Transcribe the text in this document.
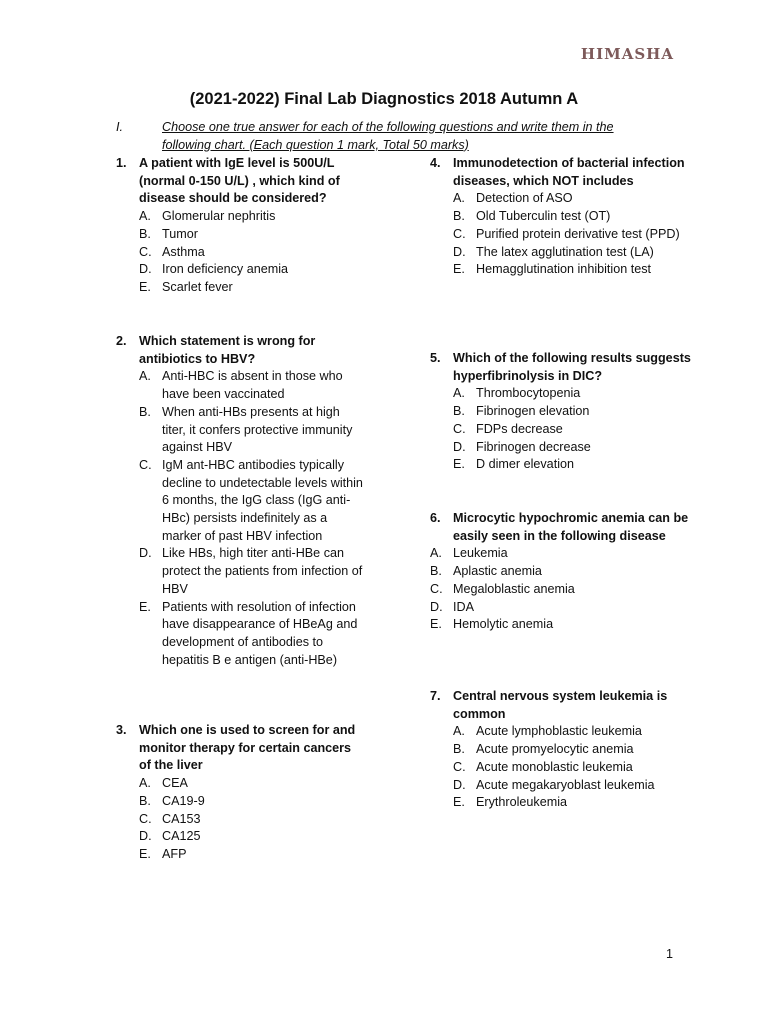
HIMASHA
(2021-2022) Final Lab Diagnostics 2018 Autumn A
I.	Choose one true answer for each of the following questions and write them in the following chart. (Each question 1 mark, Total 50 marks)
1. A patient with IgE level is 500U/L (normal 0-150 U/L) , which kind of disease should be considered?
A. Glomerular nephritis
B. Tumor
C. Asthma
D. Iron deficiency anemia
E. Scarlet fever
2. Which statement is wrong for antibiotics to HBV?
A. Anti-HBC is absent in those who have been vaccinated
B. When anti-HBs presents at high titer, it confers protective immunity against HBV
C. IgM ant-HBC antibodies typically decline to undetectable levels within 6 months, the IgG class (IgG anti-HBc) persists indefinitely as a marker of past HBV infection
D. Like HBs, high titer anti-HBe can protect the patients from infection of HBV
E. Patients with resolution of infection have disappearance of HBeAg and development of antibodies to hepatitis B e antigen (anti-HBe)
3. Which one is used to screen for and monitor therapy for certain cancers of the liver
A. CEA
B. CA19-9
C. CA153
D. CA125
E. AFP
4. Immunodetection of bacterial infection diseases, which NOT includes
A. Detection of ASO
B. Old Tuberculin test (OT)
C. Purified protein derivative test (PPD)
D. The latex agglutination test (LA)
E. Hemagglutination inhibition test
5. Which of the following results suggests hyperfibrinolysis in DIC?
A. Thrombocytopenia
B. Fibrinogen elevation
C. FDPs decrease
D. Fibrinogen decrease
E. D dimer elevation
6. Microcytic hypochromic anemia can be easily seen in the following disease
A. Leukemia
B. Aplastic anemia
C. Megaloblastic anemia
D. IDA
E. Hemolytic anemia
7. Central nervous system leukemia is common
A. Acute lymphoblastic leukemia
B. Acute promyelocytic anemia
C. Acute monoblastic leukemia
D. Acute megakaryoblast leukemia
E. Erythroleukemia
1
